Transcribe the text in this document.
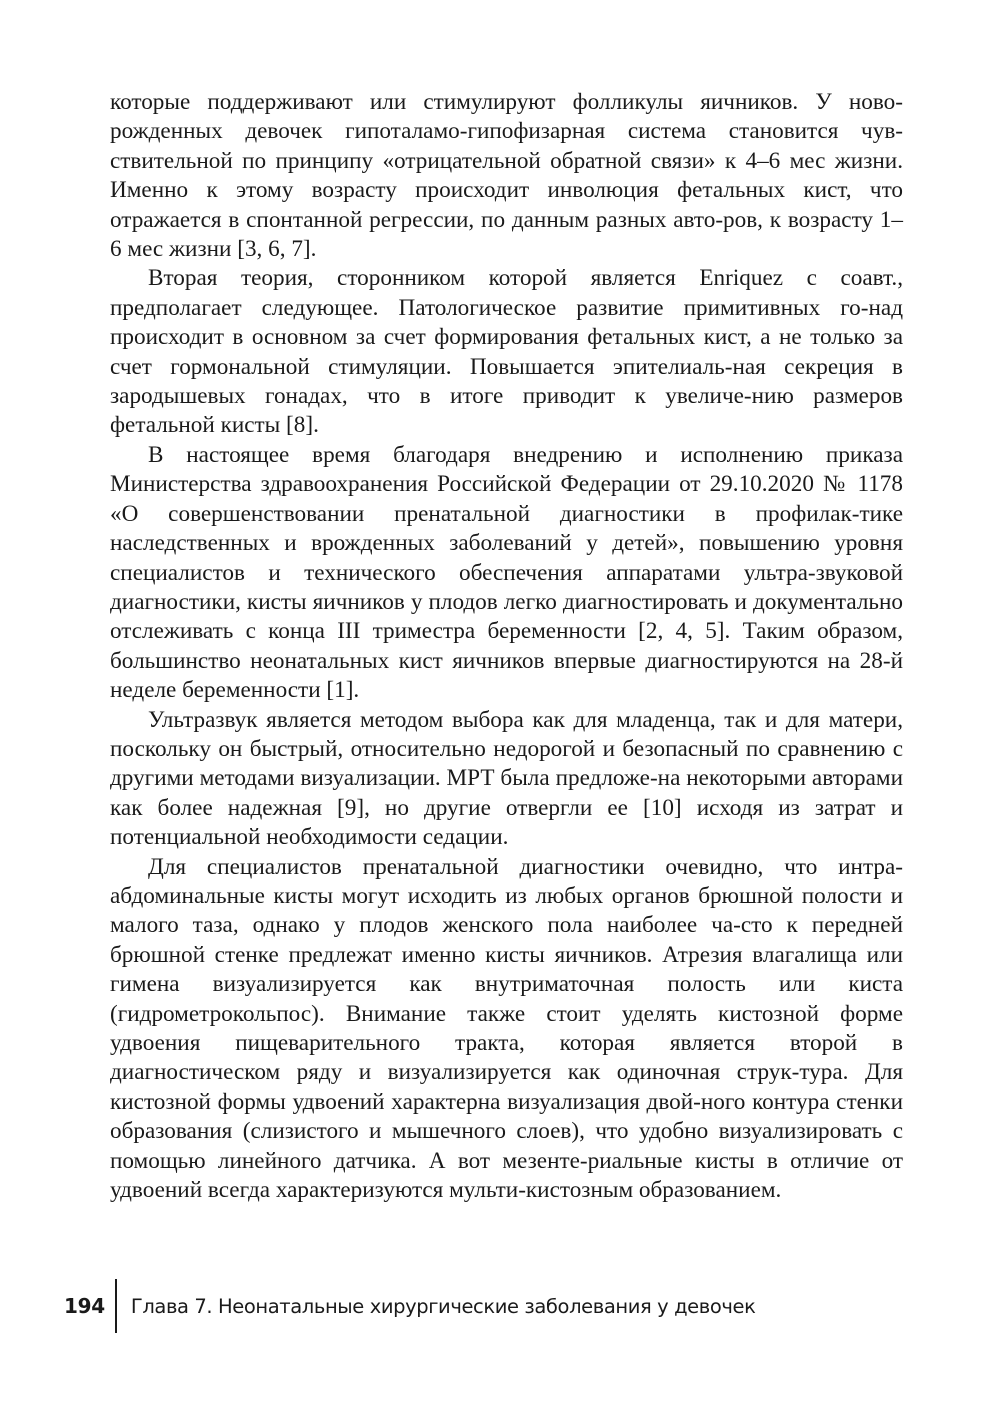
которые поддерживают или стимулируют фолликулы яичников. У ново-рожденных девочек гипоталамо-гипофизарная система становится чув-ствительной по принципу «отрицательной обратной связи» к 4–6 мес жизни. Именно к этому возрасту происходит инволюция фетальных кист, что отражается в спонтанной регрессии, по данным разных авто-ров, к возрасту 1–6 мес жизни [3, 6, 7].

Вторая теория, сторонником которой является Enriquez с соавт., предполагает следующее. Патологическое развитие примитивных го-над происходит в основном за счет формирования фетальных кист, а не только за счет гормональной стимуляции. Повышается эпителиаль-ная секреция в зародышевых гонадах, что в итоге приводит к увеличе-нию размеров фетальной кисты [8].

В настоящее время благодаря внедрению и исполнению приказа Министерства здравоохранения Российской Федерации от 29.10.2020 № 1178 «О совершенствовании пренатальной диагностики в профилак-тике наследственных и врожденных заболеваний у детей», повышению уровня специалистов и технического обеспечения аппаратами ультра-звуковой диагностики, кисты яичников у плодов легко диагностировать и документально отслеживать с конца III триместра беременности [2, 4, 5]. Таким образом, большинство неонатальных кист яичников впервые диагностируются на 28-й неделе беременности [1].

Ультразвук является методом выбора как для младенца, так и для матери, поскольку он быстрый, относительно недорогой и безопасный по сравнению с другими методами визуализации. МРТ была предложе-на некоторыми авторами как более надежная [9], но другие отвергли ее [10] исходя из затрат и потенциальной необходимости седации.

Для специалистов пренатальной диагностики очевидно, что интра-абдоминальные кисты могут исходить из любых органов брюшной полости и малого таза, однако у плодов женского пола наиболее ча-сто к передней брюшной стенке предлежат именно кисты яичников. Атрезия влагалища или гимена визуализируется как внутриматочная полость или киста (гидрометрокольпос). Внимание также стоит уделять кистозной форме удвоения пищеварительного тракта, которая является второй в диагностическом ряду и визуализируется как одиночная струк-тура. Для кистозной формы удвоений характерна визуализация двой-ного контура стенки образования (слизистого и мышечного слоев), что удобно визуализировать с помощью линейного датчика. А вот мезенте-риальные кисты в отличие от удвоений всегда характеризуются мульти-кистозным образованием.

194 Глава 7. Неонатальные хирургические заболевания у девочек
